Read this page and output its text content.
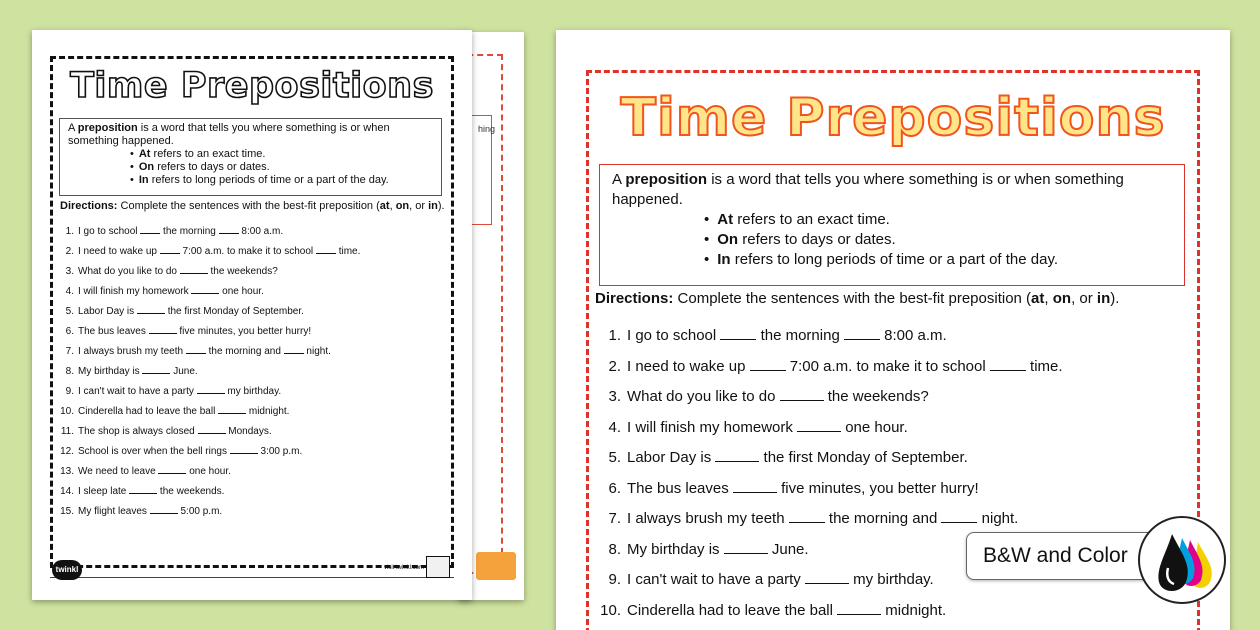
hing
Time Prepositions

A preposition is a word that tells you where something is or when something happened.

• At refers to an exact time.
• On refers to days or dates.
• In refers to long periods of time or a part of the day.
Directions: Complete the sentences with the best-fit preposition (at, on, or in).
1. I go to school  the morning  8:00 a.m.
2. I need to wake up  7:00 a.m. to make it to school  time.
3. What do you like to do	the weekends?
4. I will finish my homework	one hour.
5. Labor Day is	the first Monday of September.
6. The bus leaves	five minutes, you better hurry!
7. I always brush my teeth  the morning and  night.
8. My birthday is	June.
9. I can't wait to have a party	my birthday.
10. Cinderella had to leave the ball	midnight.
11. The shop is always closed	Mondays.
12. School is over when the bell rings	3:00 p.m.
13. We need to leave	one hour.
14. I sleep late	the weekends.
15. My flight leaves	5:00 p.m.
twinkl	visit twinkl.com
Time Prepositions

A preposition is a word that tells you where something is or when something happened.

• At refers to an exact time.
• On refers to days or dates.
• In refers to long periods of time or a part of the day.
Directions: Complete the sentences with the best-fit preposition (at, on, or in).
1. I go to school  the morning  8:00 a.m.
2. I need to wake up  7:00 a.m. to make it to school  time.
3. What do you like to do	the weekends?
4. I will finish my homework	one hour.
5. Labor Day is	the first Monday of September.
6. The bus leaves	five minutes, you better hurry!
7. I always brush my teeth  the morning and  night.
8. My birthday is	June.
9. I can't wait to have a party	my birthday.
10. Cinderella had to leave the ball	midnight.
B&W and Color
